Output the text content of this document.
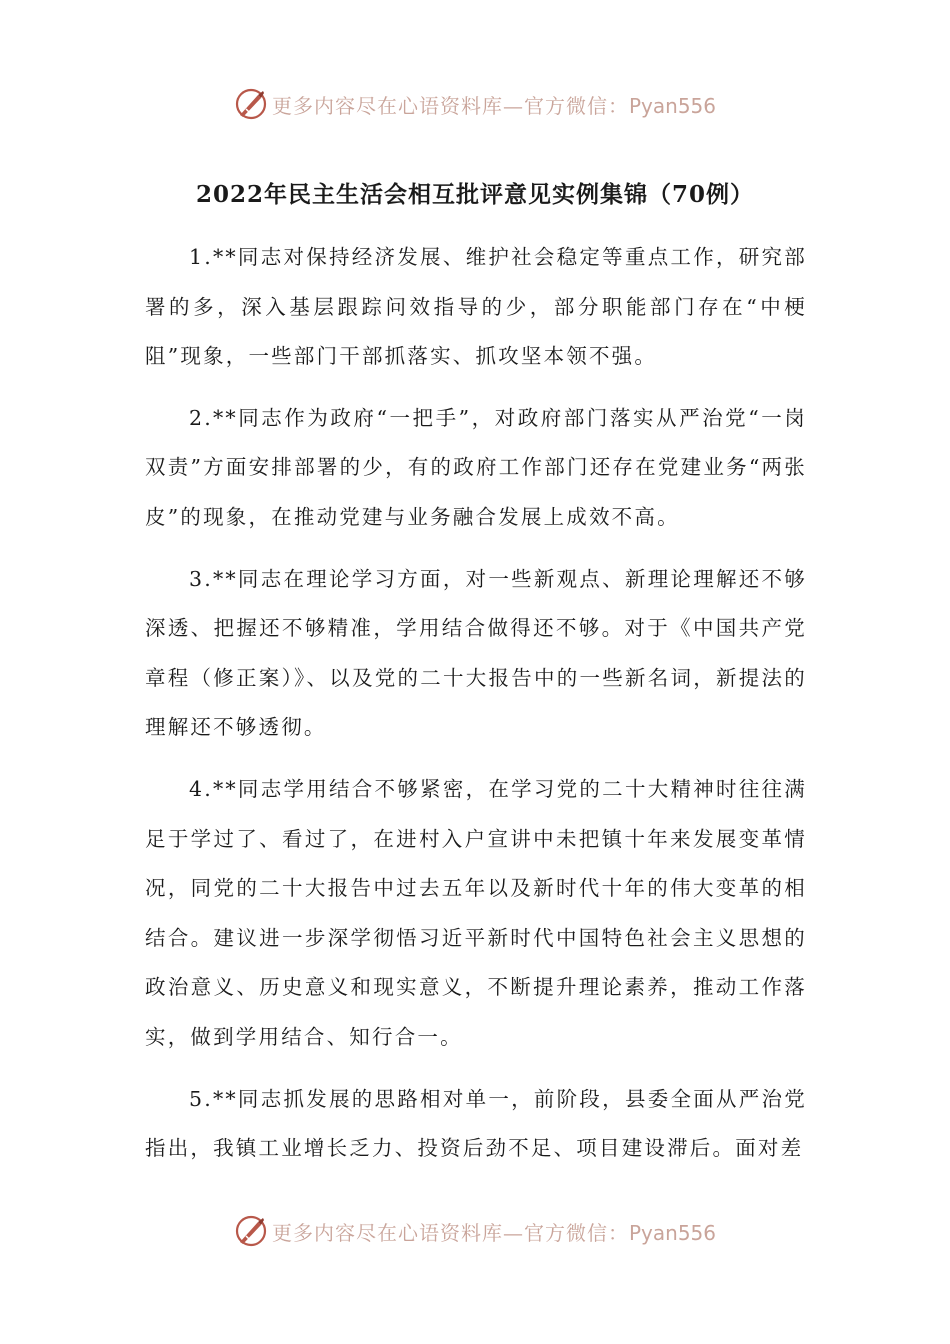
更多内容尽在心语资料库—官方微信：Pyan556
2022年民主生活会相互批评意见实例集锦（70例）

1.**同志对保持经济发展、维护社会稳定等重点工作，研究部署的多，深入基层跟踪问效指导的少，部分职能部门存在“中梗阻”现象，一些部门干部抓落实、抓攻坚本领不强。

2.**同志作为政府“一把手”，对政府部门落实从严治党“一岗双责”方面安排部署的少，有的政府工作部门还存在党建业务“两张皮”的现象，在推动党建与业务融合发展上成效不高。

3.**同志在理论学习方面，对一些新观点、新理论理解还不够深透、把握还不够精准，学用结合做得还不够。对于《中国共产党章程（修正案）》、以及党的二十大报告中的一些新名词，新提法的理解还不够透彻。

4.**同志学用结合不够紧密，在学习党的二十大精神时往往满足于学过了、看过了，在进村入户宣讲中未把镇十年来发展变革情况，同党的二十大报告中过去五年以及新时代十年的伟大变革的相结合。建议进一步深学彻悟习近平新时代中国特色社会主义思想的政治意义、历史意义和现实意义，不断提升理论素养，推动工作落实，做到学用结合、知行合一。

5.**同志抓发展的思路相对单一，前阶段，县委全面从严治党指出，我镇工业增长乏力、投资后劲不足、项目建设滞后。面对差

更多内容尽在心语资料库—官方微信：Pyan556
